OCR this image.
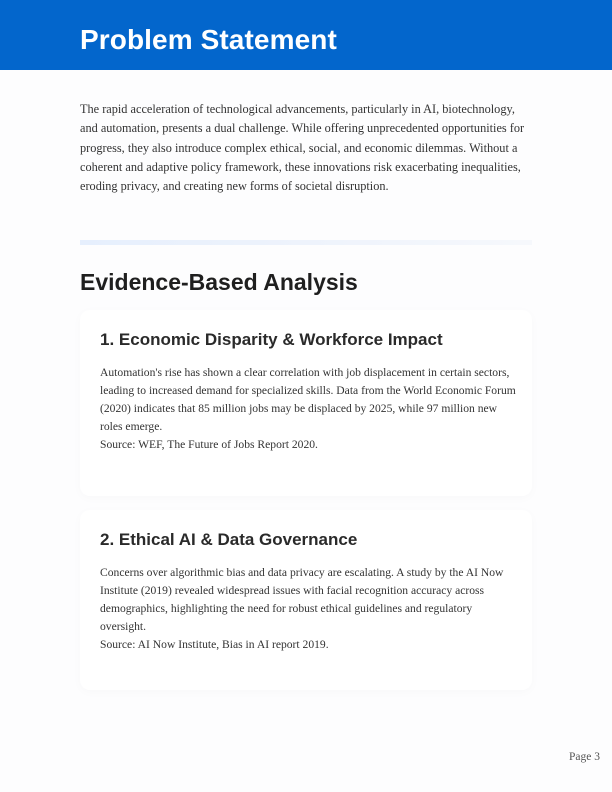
Problem Statement

The rapid acceleration of technological advancements, particularly in AI, biotechnology, and automation, presents a dual challenge. While offering unprecedented opportunities for progress, they also introduce complex ethical, social, and economic dilemmas. Without a coherent and adaptive policy framework, these innovations risk exacerbating inequalities, eroding privacy, and creating new forms of societal disruption.

Evidence-Based Analysis
1. Economic Disparity & Workforce Impact

Automation's rise has shown a clear correlation with job displacement in certain sectors, leading to increased demand for specialized skills. Data from the World Economic Forum (2020) indicates that 85 million jobs may be displaced by 2025, while 97 million new roles emerge.
Source: WEF, The Future of Jobs Report 2020.

2. Ethical AI & Data Governance

Concerns over algorithmic bias and data privacy are escalating. A study by the AI Now Institute (2019) revealed widespread issues with facial recognition accuracy across demographics, highlighting the need for robust ethical guidelines and regulatory oversight.
Source: AI Now Institute, Bias in AI report 2019.

Page 3
